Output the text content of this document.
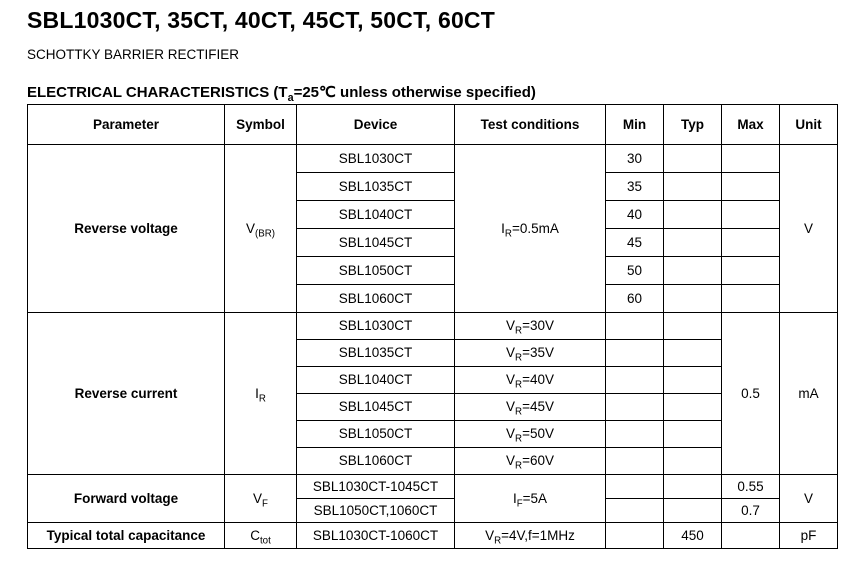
SBL1030CT, 35CT, 40CT, 45CT, 50CT, 60CT
SCHOTTKY BARRIER RECTIFIER
ELECTRICAL CHARACTERISTICS ($T_a=25℃$ unless otherwise specified)
Parameter	Symbol	Device	Test conditions	Min	Typ	Max	Unit
Reverse voltage	$V_{(BR)}$	SBL1030CT	$I_R=0.5mA$	30			V
		SBL1035CT		35			
		SBL1040CT		40			
		SBL1045CT		45			
		SBL1050CT		50			
		SBL1060CT		60			
Reverse current	$I_R$	SBL1030CT	$V_R=30V$			0.5	mA
		SBL1035CT	$V_R=35V$				
		SBL1040CT	$V_R=40V$				
		SBL1045CT	$V_R=45V$				
		SBL1050CT	$V_R=50V$				
		SBL1060CT	$V_R=60V$				
Forward voltage	$V_F$	SBL1030CT-1045CT	$I_F=5A$			0.55	V
		SBL1050CT,1060CT				0.7	
Typical total capacitance	$C_{tot}$	SBL1030CT-1060CT	$V_R=4V,f=1MHz$		450		pF
